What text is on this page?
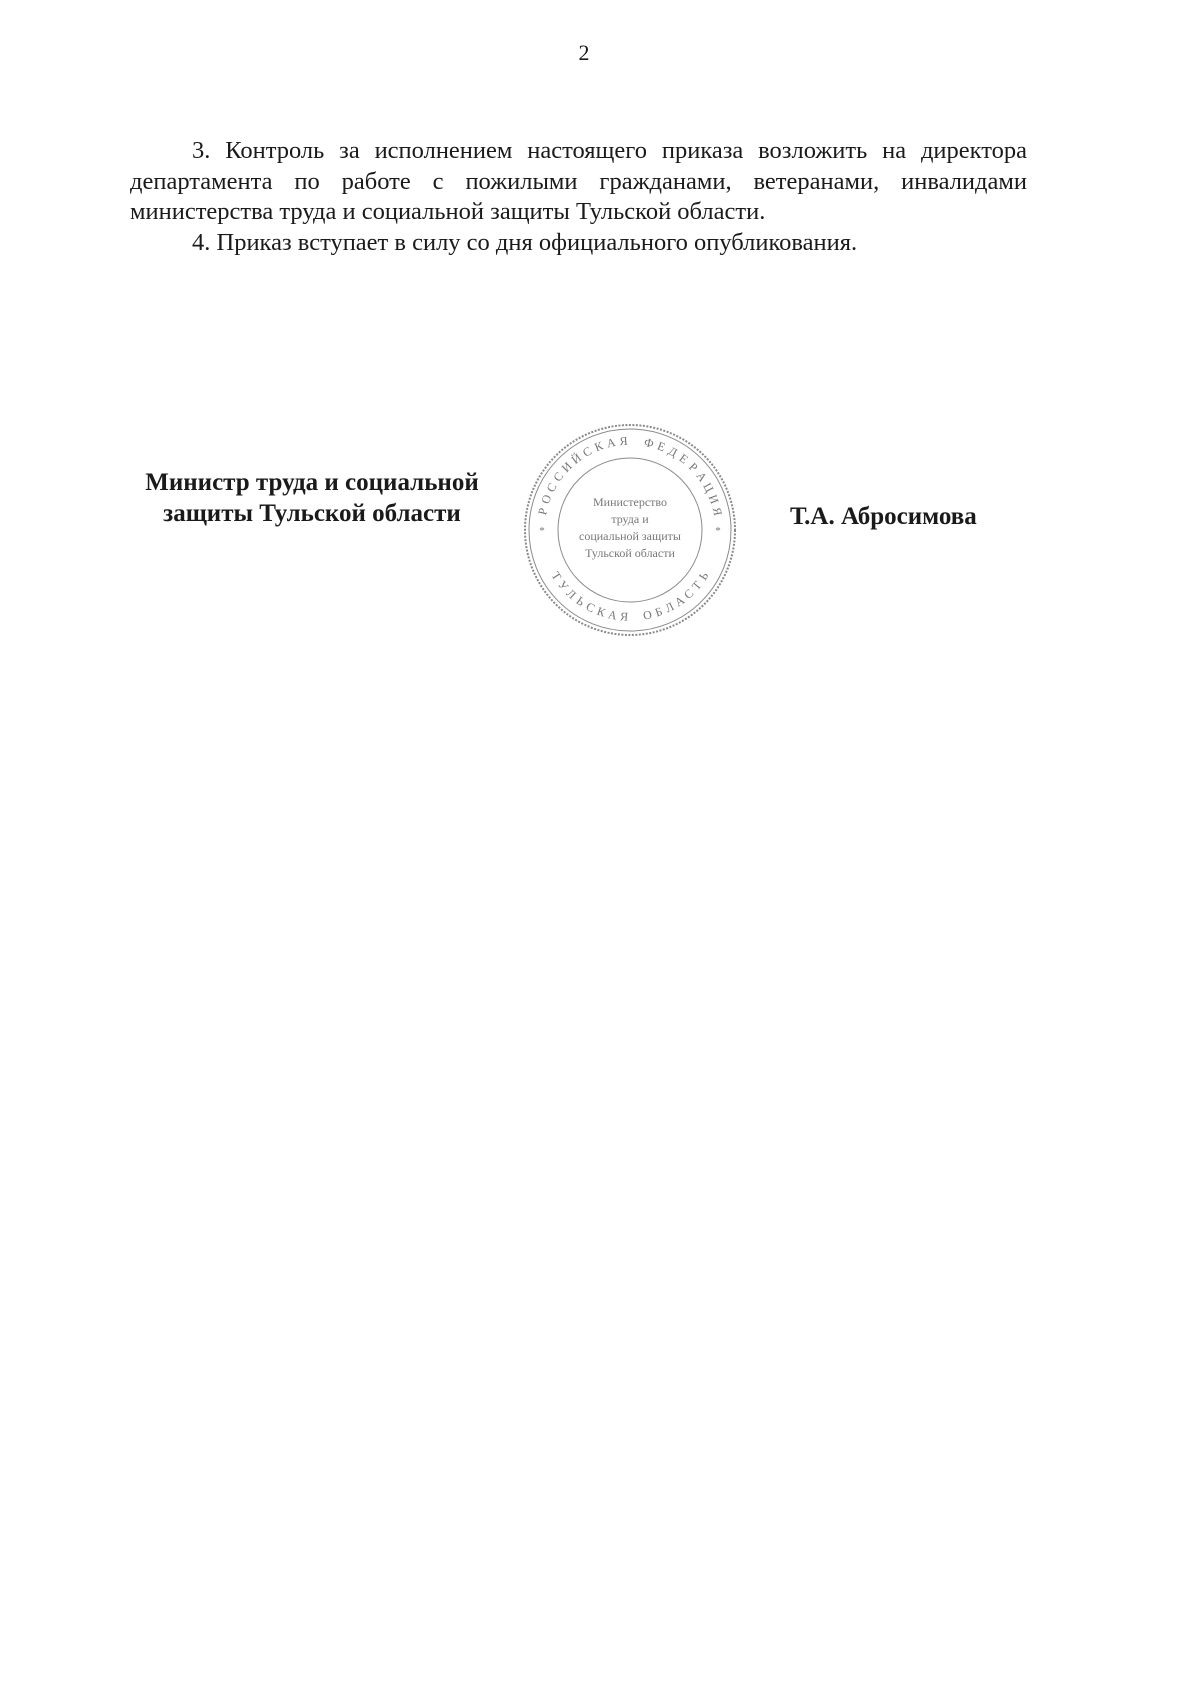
2

3. Контроль за исполнением настоящего приказа возложить на директора департамента по работе с пожилыми гражданами, ветеранами, инвалидами министерства труда и социальной защиты Тульской области.

4. Приказ вступает в силу со дня официального опубликования.

Министр труда и социальной
защиты Тульской области	Р
О
С
С
И
Й
С
К А Я Ф Е
Д
Е
Р
А
Ц
И
Я
Т
У
Л
Ь
С
К А Я О Б
Л
А
С
Т
Ь
*	*
Министерство
труда и
социальной защиты
Тульской области
Т.А. Абросимова
